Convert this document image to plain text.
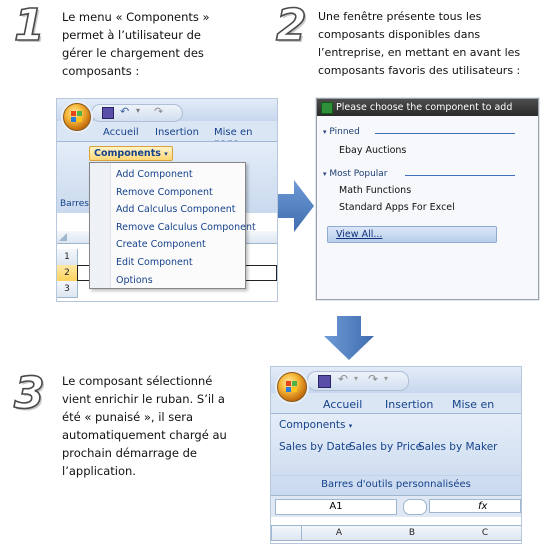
1	2
3
Le menu « Components »
permet à l’utilisateur de
gérer le chargement des
composants :
Une fenêtre présente tous les
composants disponibles dans
l’entreprise, en mettant en avant les
composants favoris des utilisateurs :
Le composant sélectionné
vient enrichir le ruban. S’il a
été « punaisé », il sera
automatiquement chargé au
prochain démarrage de
l’application.
↶ ▾ ↷
Accueil Insertion Mise en
Components ▾
Barres
1
2
3
Add Component
Remove Component
Add Calculus Component
Remove Calculus Component
Create Component
Edit Component
Options
Please choose the component to add
▾ Pinned
Ebay Auctions
▾ Most Popular
Math Functions
Standard Apps For Excel
View All...
↶ ▾ ↷ ▾
Accueil Insertion Mise en
Components ▾
Sales by Date
Sales by Price
Sales by Maker
Barres d'outils personnalisées
A1	fx
A	B	C
